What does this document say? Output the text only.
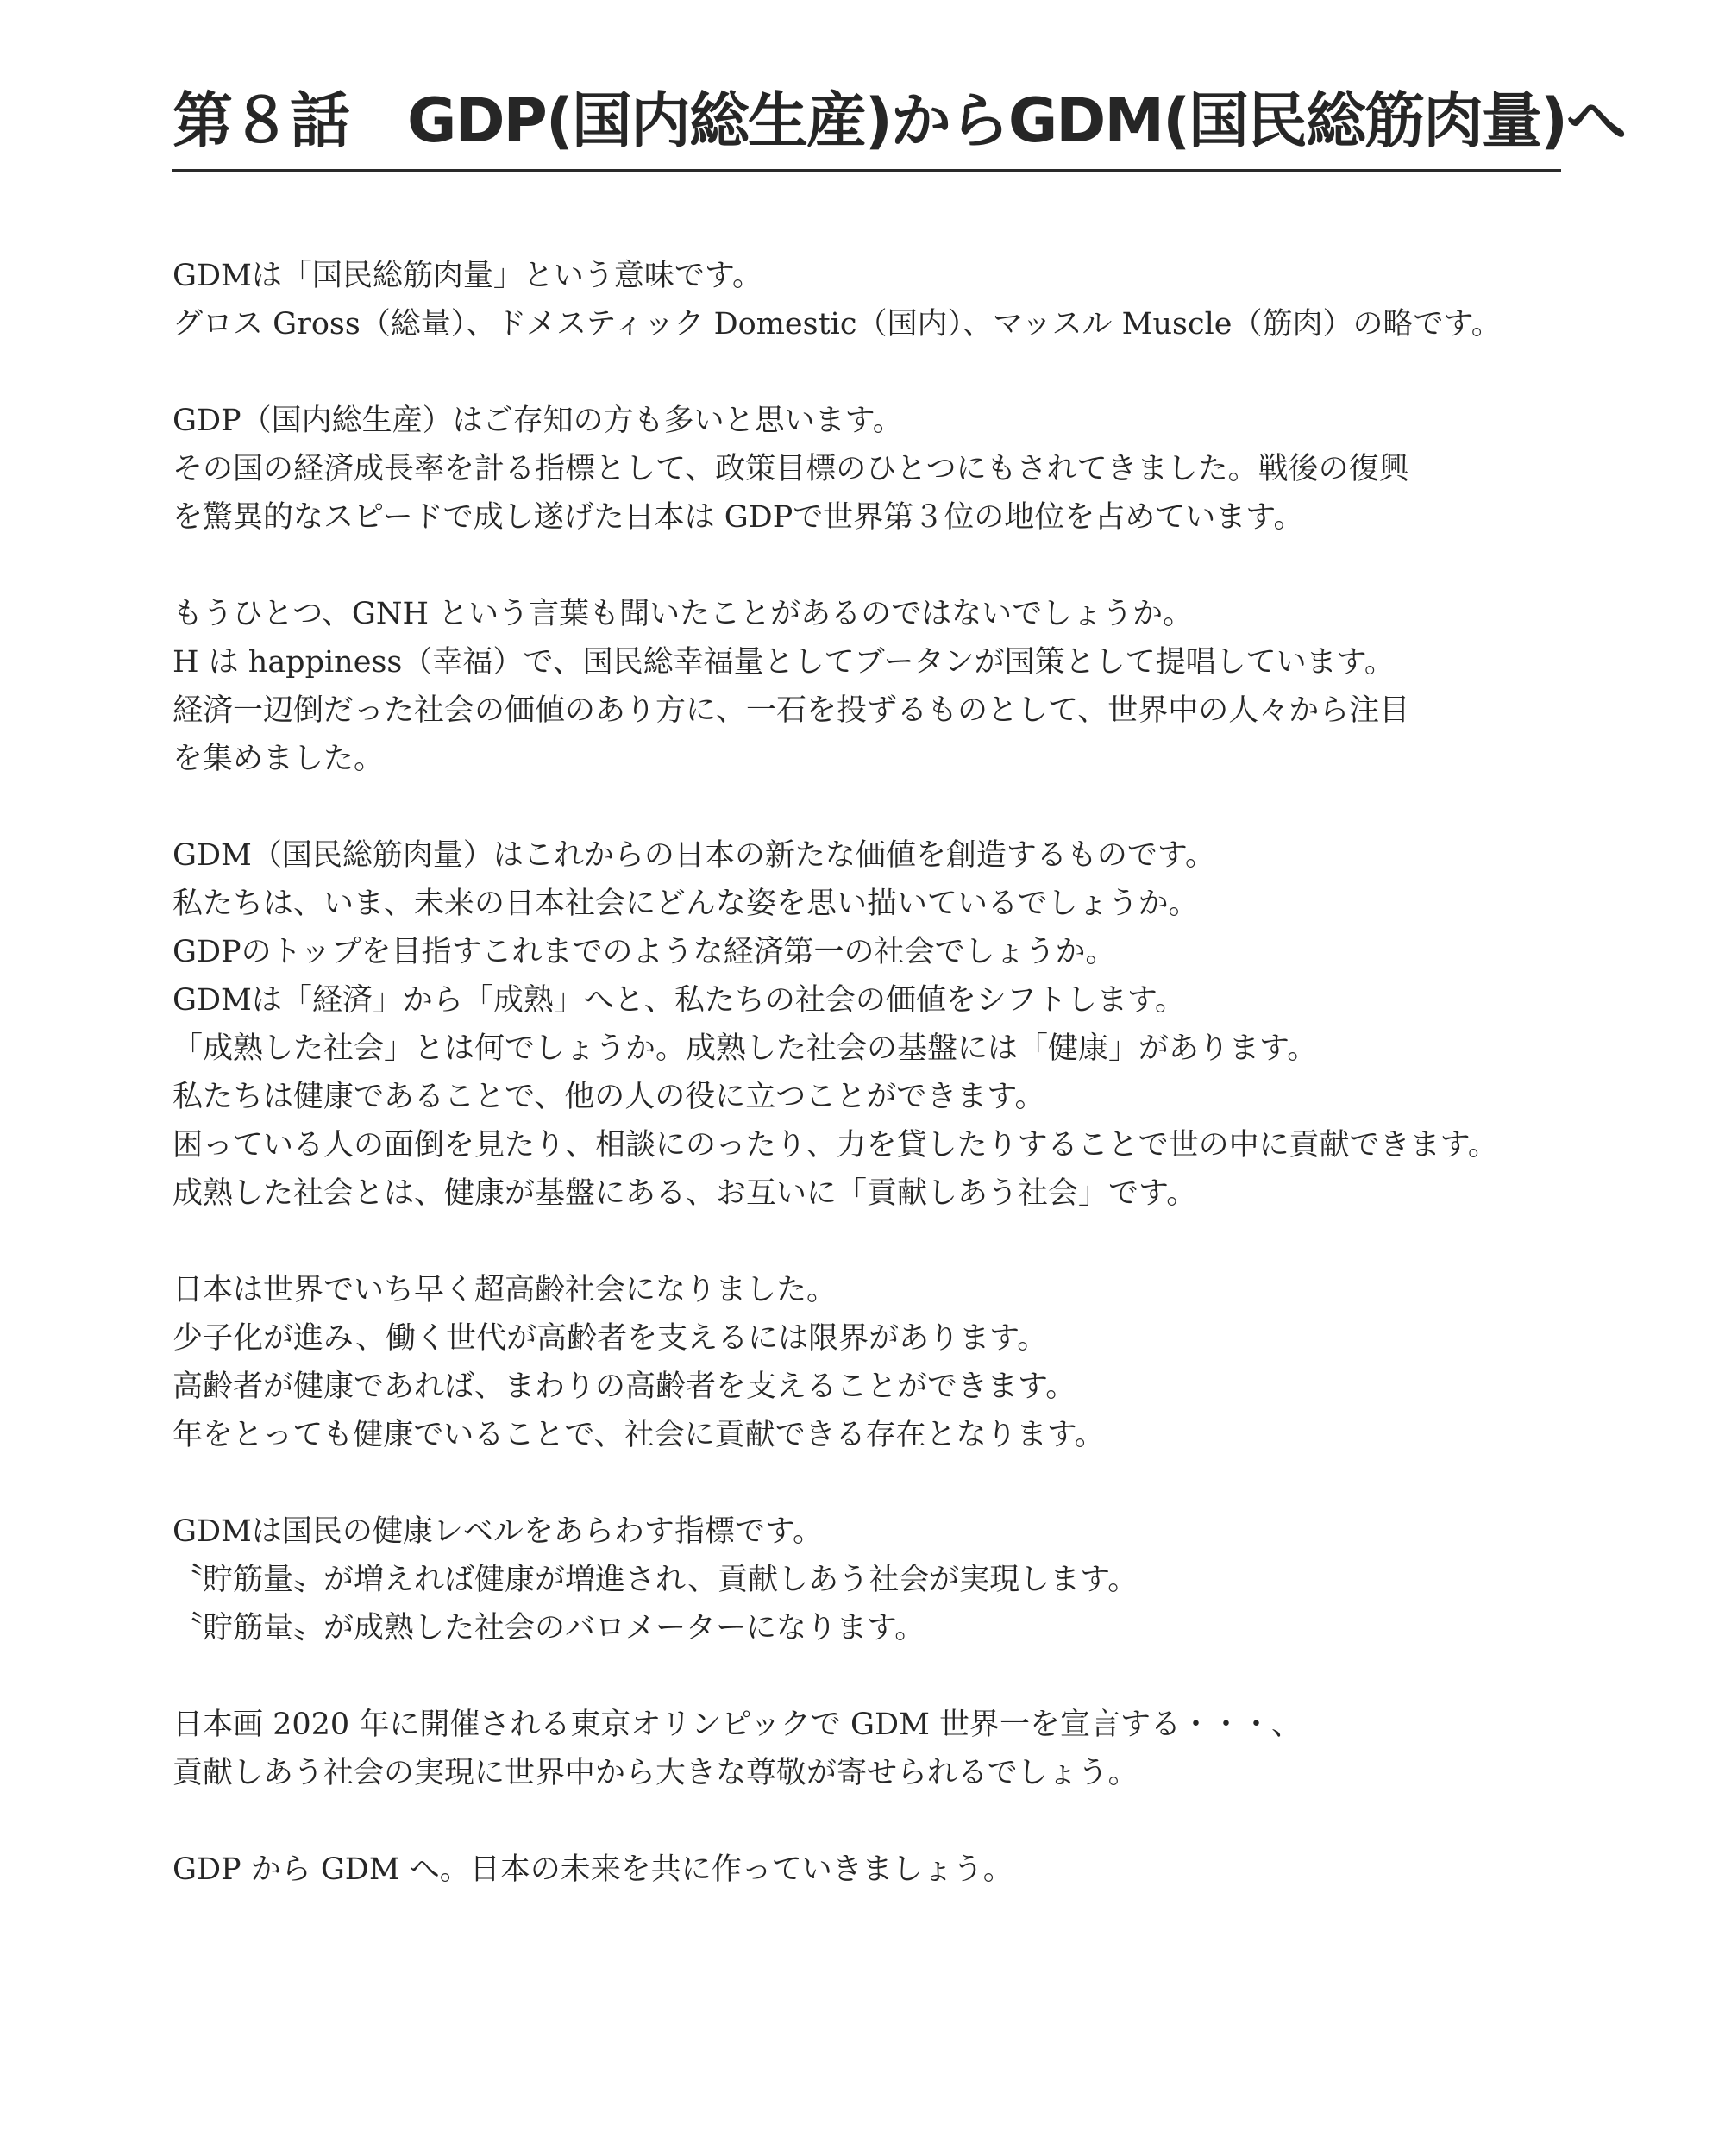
第８話　GDP(国内総生産)からGDM(国民総筋肉量)へ

GDMは「国民総筋肉量」という意味です。
グロス Gross（総量）、ドメスティック Domestic（国内）、マッスル Muscle（筋肉）の略です。

GDP（国内総生産）はご存知の方も多いと思います。
その国の経済成長率を計る指標として、政策目標のひとつにもされてきました。戦後の復興
を驚異的なスピードで成し遂げた日本は GDPで世界第３位の地位を占めています。

もうひとつ、GNH という言葉も聞いたことがあるのではないでしょうか。
H は happiness（幸福）で、国民総幸福量としてブータンが国策として提唱しています。
経済一辺倒だった社会の価値のあり方に、一石を投ずるものとして、世界中の人々から注目
を集めました。

GDM（国民総筋肉量）はこれからの日本の新たな価値を創造するものです。
私たちは、いま、未来の日本社会にどんな姿を思い描いているでしょうか。
GDPのトップを目指すこれまでのような経済第一の社会でしょうか。
GDMは「経済」から「成熟」へと、私たちの社会の価値をシフトします。
「成熟した社会」とは何でしょうか。成熟した社会の基盤には「健康」があります。
私たちは健康であることで、他の人の役に立つことができます。
困っている人の面倒を見たり、相談にのったり、力を貸したりすることで世の中に貢献できます。
成熟した社会とは、健康が基盤にある、お互いに「貢献しあう社会」です。

日本は世界でいち早く超高齢社会になりました。
少子化が進み、働く世代が高齢者を支えるには限界があります。
高齢者が健康であれば、まわりの高齢者を支えることができます。
年をとっても健康でいることで、社会に貢献できる存在となります。

GDMは国民の健康レベルをあらわす指標です。
〝貯筋量〟が増えれば健康が増進され、貢献しあう社会が実現します。
〝貯筋量〟が成熟した社会のバロメーターになります。

日本画 2020 年に開催される東京オリンピックで GDM 世界一を宣言する・・・、
貢献しあう社会の実現に世界中から大きな尊敬が寄せられるでしょう。

GDP から GDM へ。日本の未来を共に作っていきましょう。
